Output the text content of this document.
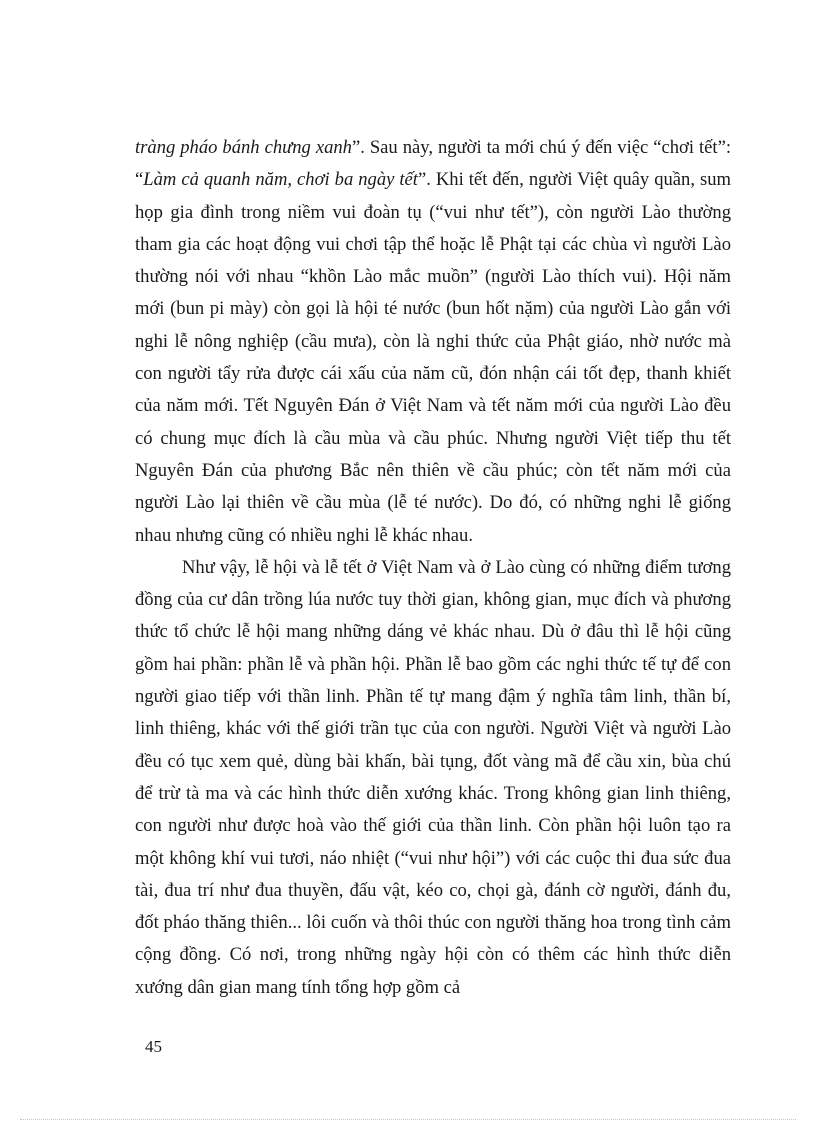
tràng pháo bánh chưng xanh”. Sau này, người ta mới chú ý đến việc “chơi tết”: “Làm cả quanh năm, chơi ba ngày tết”. Khi tết đến, người Việt quây quần, sum họp gia đình trong niềm vui đoàn tụ (“vui như tết”), còn người Lào thường tham gia các hoạt động vui chơi tập thể hoặc lễ Phật tại các chùa vì người Lào thường nói với nhau “khồn Lào mắc muồn” (người Lào thích vui). Hội năm mới (bun pi mày) còn gọi là hội té nước (bun hốt nặm) của người Lào gắn với nghi lễ nông nghiệp (cầu mưa), còn là nghi thức của Phật giáo, nhờ nước mà con người tẩy rửa được cái xấu của năm cũ, đón nhận cái tốt đẹp, thanh khiết của năm mới. Tết Nguyên Đán ở Việt Nam và tết năm mới của người Lào đều có chung mục đích là cầu mùa và cầu phúc. Nhưng người Việt tiếp thu tết Nguyên Đán của phương Bắc nên thiên về cầu phúc; còn tết năm mới của người Lào lại thiên về cầu mùa (lễ té nước). Do đó, có những nghi lễ giống nhau nhưng cũng có nhiều nghi lễ khác nhau.

Như vậy, lễ hội và lễ tết ở Việt Nam và ở Lào cùng có những điểm tương đồng của cư dân trồng lúa nước tuy thời gian, không gian, mục đích và phương thức tổ chức lễ hội mang những dáng vẻ khác nhau. Dù ở đâu thì lễ hội cũng gồm hai phần: phần lễ và phần hội. Phần lễ bao gồm các nghi thức tế tự để con người giao tiếp với thần linh. Phần tế tự mang đậm ý nghĩa tâm linh, thần bí, linh thiêng, khác với thế giới trần tục của con người. Người Việt và người Lào đều có tục xem quẻ, dùng bài khấn, bài tụng, đốt vàng mã để cầu xin, bùa chú để trừ tà ma và các hình thức diễn xướng khác. Trong không gian linh thiêng, con người như được hoà vào thế giới của thần linh. Còn phần hội luôn tạo ra một không khí vui tươi, náo nhiệt (“vui như hội”) với các cuộc thi đua sức đua tài, đua trí như đua thuyền, đấu vật, kéo co, chọi gà, đánh cờ người, đánh đu, đốt pháo thăng thiên... lôi cuốn và thôi thúc con người thăng hoa trong tình cảm cộng đồng. Có nơi, trong những ngày hội còn có thêm các hình thức diễn xướng dân gian mang tính tổng hợp gồm cả

45
